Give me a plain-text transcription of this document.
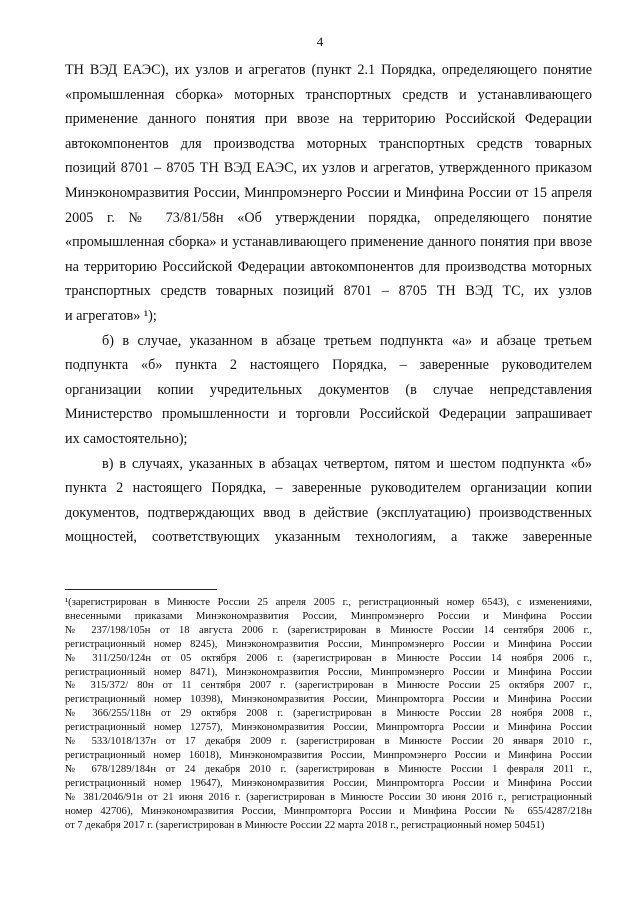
4
ТН ВЭД ЕАЭС), их узлов и агрегатов (пункт 2.1 Порядка, определяющего понятие
«промышленная сборка» моторных транспортных средств и устанавливающего
применение данного понятия при ввозе на территорию Российской Федерации
автокомпонентов для производства моторных транспортных средств товарных
позиций 8701 – 8705 ТН ВЭД ЕАЭС, их узлов и агрегатов, утвержденного приказом
Минэкономразвития России, Минпромэнерго России и Минфина России от 15 апреля
2005 г. № 73/81/58н «Об утверждении порядка, определяющего понятие
«промышленная сборка» и устанавливающего применение данного понятия при ввозе
на территорию Российской Федерации автокомпонентов для производства моторных
транспортных средств товарных позиций 8701 – 8705 ТН ВЭД ТС, их узлов
и агрегатов» ¹);
б) в случае, указанном в абзаце третьем подпункта «а» и абзаце третьем
подпункта «б» пункта 2 настоящего Порядка, – заверенные руководителем
организации копии учредительных документов (в случае непредставления
Министерство промышленности и торговли Российской Федерации запрашивает
их самостоятельно);
в) в случаях, указанных в абзацах четвертом, пятом и шестом подпункта «б»
пункта 2 настоящего Порядка, – заверенные руководителем организации копии
документов, подтверждающих ввод в действие (эксплуатацию) производственных
мощностей, соответствующих указанным технологиям, а также заверенные
¹(зарегистрирован в Минюсте России 25 апреля 2005 г., регистрационный номер 6543), с изменениями,
внесенными приказами Минэкономразвития России, Минпромэнерго России и Минфина России
№ 237/198/105н от 18 августа 2006 г. (зарегистрирован в Минюсте России 14 сентября 2006 г.,
регистрационный номер 8245), Минэкономразвития России, Минпромэнерго России и Минфина России
№ 311/250/124н от 05 октября 2006 г. (зарегистрирован в Минюсте России 14 ноября 2006 г.,
регистрационный номер 8471), Минэкономразвития России, Минпромэнерго России и Минфина России
№ 315/372/ 80н от 11 сентября 2007 г. (зарегистрирован в Минюсте России 25 октября 2007 г.,
регистрационный номер 10398), Минэкономразвития России, Минпромторга России и Минфина России
№ 366/255/118н от 29 октября 2008 г. (зарегистрирован в Минюсте России 28 ноября 2008 г.,
регистрационный номер 12757), Минэкономразвития России, Минпромторга России и Минфина России
№ 533/1018/137н от 17 декабря 2009 г. (зарегистрирован в Минюсте России 20 января 2010 г.,
регистрационный номер 16018), Минэкономразвития России, Минпромэнерго России и Минфина России
№ 678/1289/184н от 24 декабря 2010 г. (зарегистрирован в Минюсте России 1 февраля 2011 г.,
регистрационный номер 19647), Минэкономразвития России, Минпромторга России и Минфина России
№ 381/2046/91н от 21 июня 2016 г. (зарегистрирован в Минюсте России 30 июня 2016 г., регистрационный
номер 42706), Минэкономразвития России, Минпромторга России и Минфина России № 655/4287/218н
от 7 декабря 2017 г. (зарегистрирован в Минюсте России 22 марта 2018 г., регистрационный номер 50451)
